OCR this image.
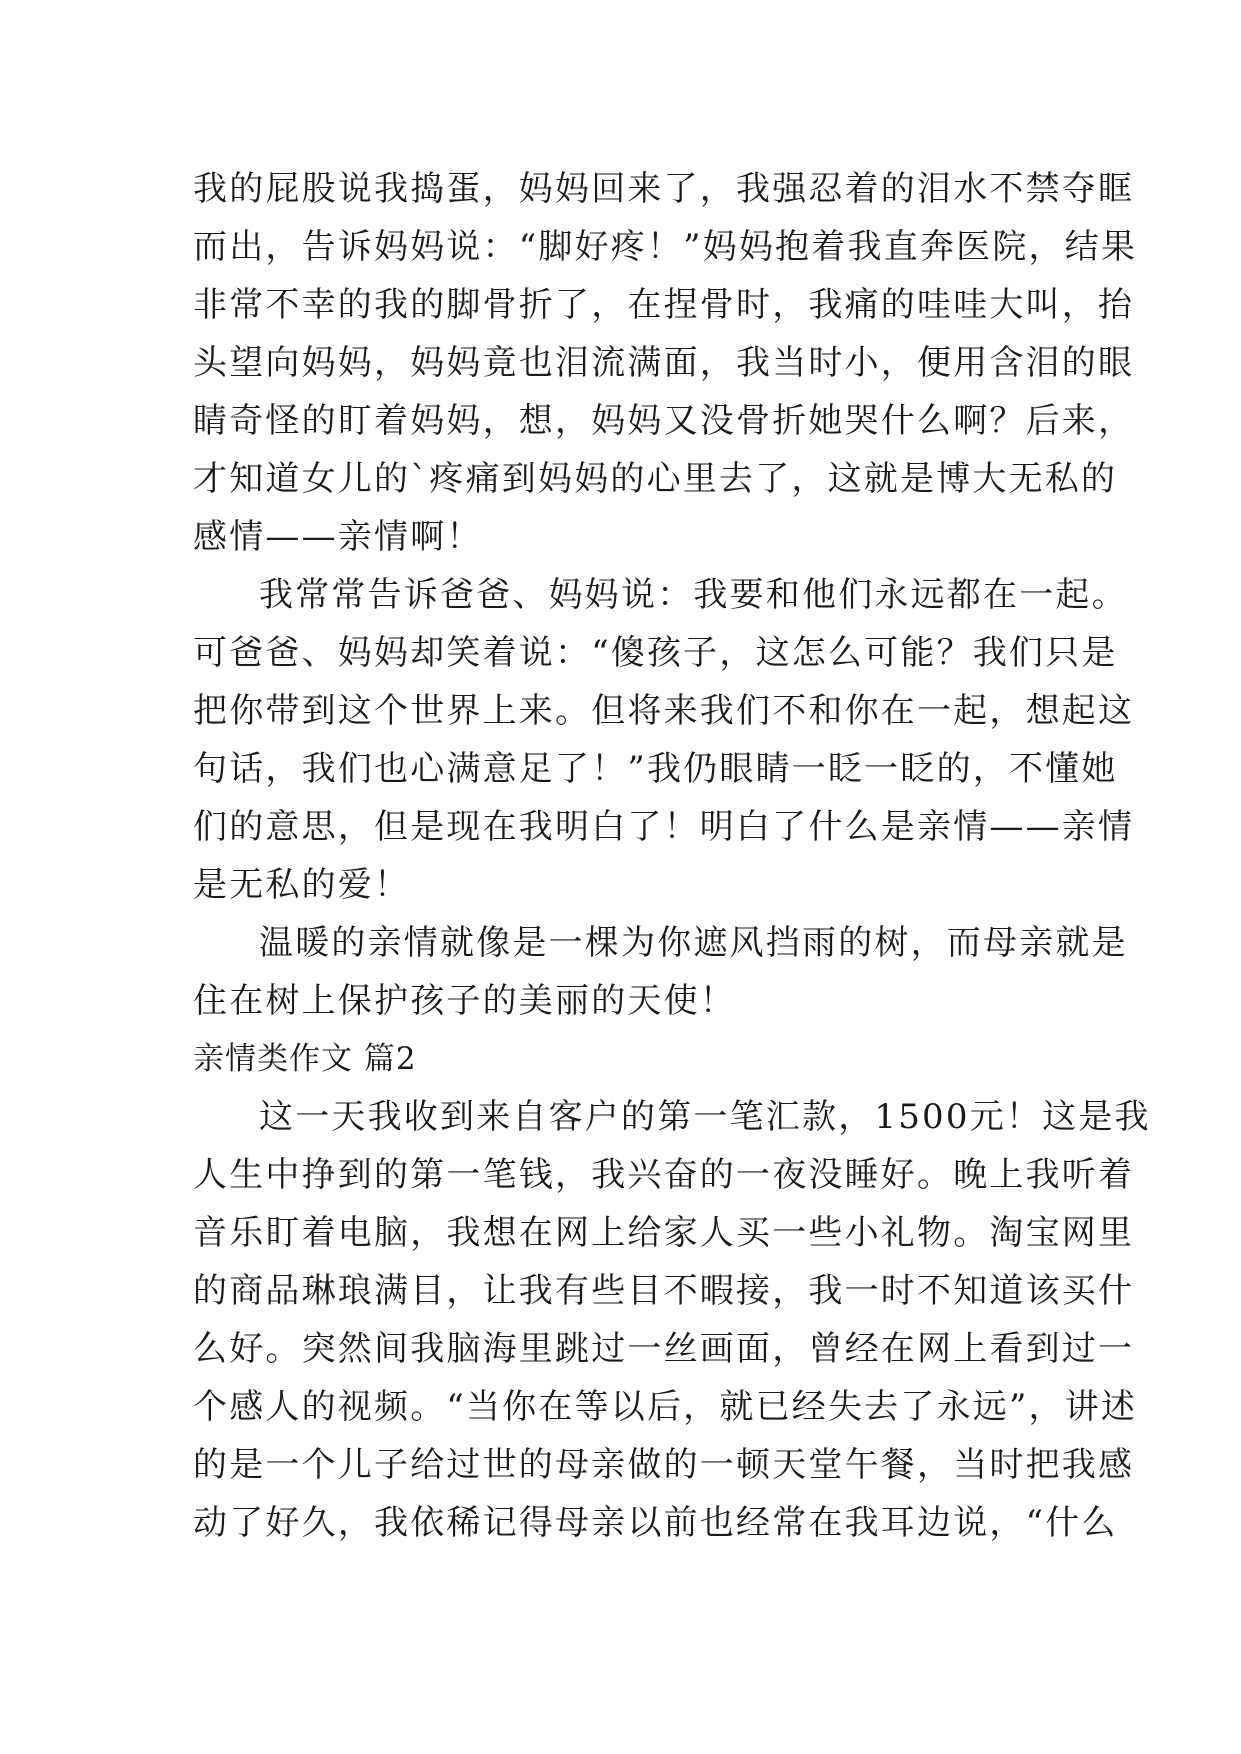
我的屁股说我捣蛋，妈妈回来了，我强忍着的泪水不禁夺眶
而出，告诉妈妈说：“脚好疼！”妈妈抱着我直奔医院，结果
非常不幸的我的脚骨折了，在捏骨时，我痛的哇哇大叫，抬
头望向妈妈，妈妈竟也泪流满面，我当时小，便用含泪的眼
睛奇怪的盯着妈妈，想，妈妈又没骨折她哭什么啊？后来，
才知道女儿的`疼痛到妈妈的心里去了，这就是博大无私的
感情——亲情啊！
我常常告诉爸爸、妈妈说：我要和他们永远都在一起。
可爸爸、妈妈却笑着说：“傻孩子，这怎么可能？我们只是
把你带到这个世界上来。但将来我们不和你在一起，想起这
句话，我们也心满意足了！”我仍眼睛一眨一眨的，不懂她
们的意思，但是现在我明白了！明白了什么是亲情——亲情
是无私的爱！
温暖的亲情就像是一棵为你遮风挡雨的树，而母亲就是
住在树上保护孩子的美丽的天使！
亲情类作文 篇2
这一天我收到来自客户的第一笔汇款，1500元！这是我
人生中挣到的第一笔钱，我兴奋的一夜没睡好。晚上我听着
音乐盯着电脑，我想在网上给家人买一些小礼物。淘宝网里
的商品琳琅满目，让我有些目不暇接，我一时不知道该买什
么好。突然间我脑海里跳过一丝画面，曾经在网上看到过一
个感人的视频。“当你在等以后，就已经失去了永远”，讲述
的是一个儿子给过世的母亲做的一顿天堂午餐，当时把我感
动了好久，我依稀记得母亲以前也经常在我耳边说，“什么
